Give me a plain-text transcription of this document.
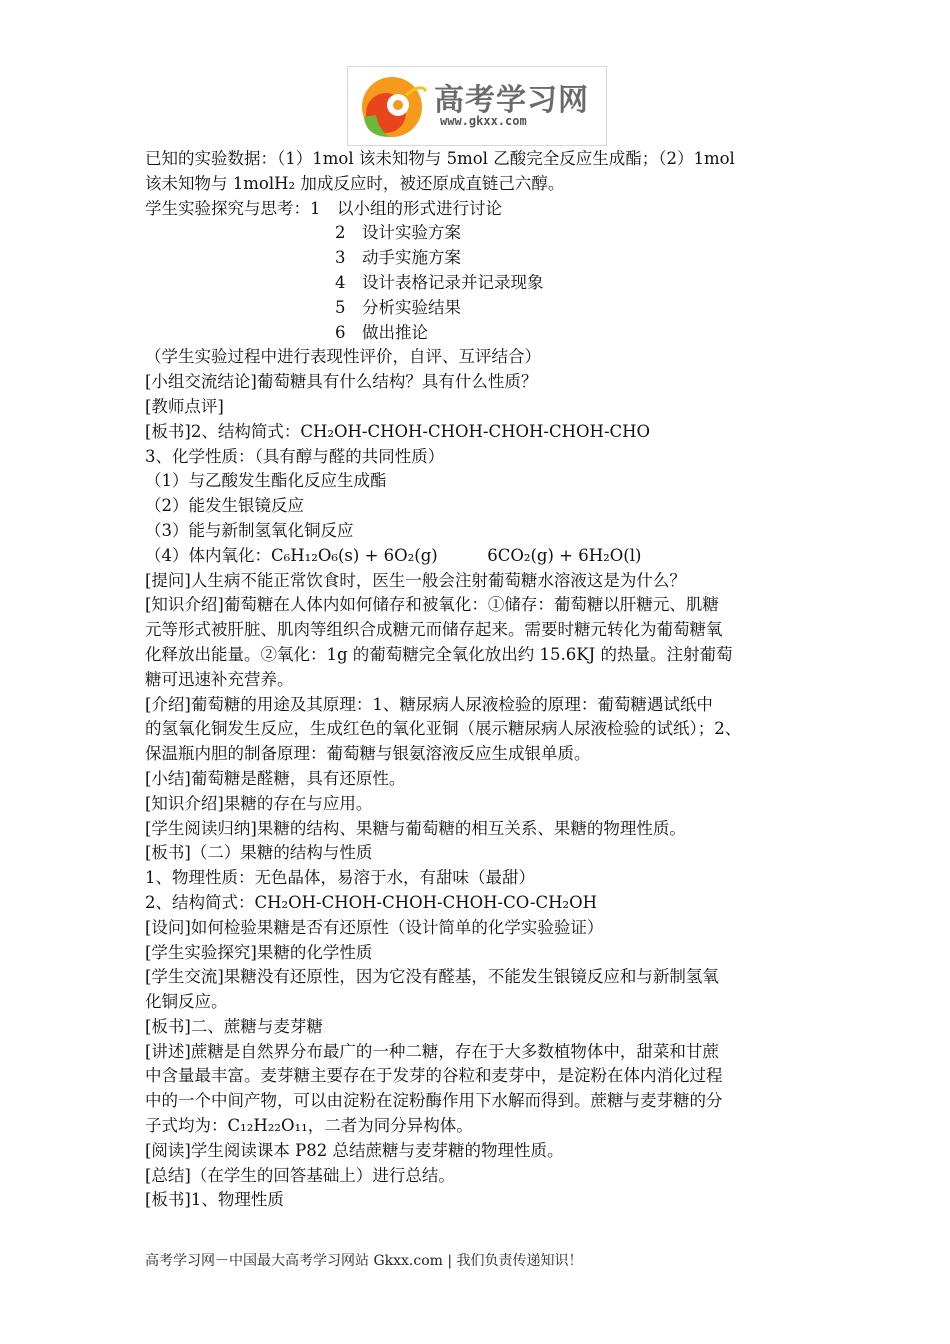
高考学习网
www.gkxx.com
已知的实验数据：（1）1mol 该未知物与 5mol 乙酸完全反应生成酯；（2）1mol
该未知物与 1molH₂ 加成反应时，被还原成直链己六醇。
学生实验探究与思考：1　以小组的形式进行讨论
2　设计实验方案
3　动手实施方案
4　设计表格记录并记录现象
5　分析实验结果
6　做出推论
（学生实验过程中进行表现性评价，自评、互评结合）
[小组交流结论]葡萄糖具有什么结构？具有什么性质？
[教师点评]
[板书]2、结构简式：CH₂OH-CHOH-CHOH-CHOH-CHOH-CHO
3、化学性质：（具有醇与醛的共同性质）
（1）与乙酸发生酯化反应生成酯
（2）能发生银镜反应
（3）能与新制氢氧化铜反应
（4）体内氧化：C₆H₁₂O₆(s) + 6O₂(g)　　　6CO₂(g) + 6H₂O(l)
[提问]人生病不能正常饮食时，医生一般会注射葡萄糖水溶液这是为什么？
[知识介绍]葡萄糖在人体内如何储存和被氧化：①储存：葡萄糖以肝糖元、肌糖
元等形式被肝脏、肌肉等组织合成糖元而储存起来。需要时糖元转化为葡萄糖氧
化释放出能量。②氧化：1g 的葡萄糖完全氧化放出约 15.6KJ 的热量。注射葡萄
糖可迅速补充营养。
[介绍]葡萄糖的用途及其原理：1、糖尿病人尿液检验的原理：葡萄糖遇试纸中
的氢氧化铜发生反应，生成红色的氧化亚铜（展示糖尿病人尿液检验的试纸）；2、
保温瓶内胆的制备原理：葡萄糖与银氨溶液反应生成银单质。
[小结]葡萄糖是醛糖，具有还原性。
[知识介绍]果糖的存在与应用。
[学生阅读归纳]果糖的结构、果糖与葡萄糖的相互关系、果糖的物理性质。
[板书]（二）果糖的结构与性质
1、物理性质：无色晶体，易溶于水，有甜味（最甜）
2、结构简式：CH₂OH-CHOH-CHOH-CHOH-CO-CH₂OH
[设问]如何检验果糖是否有还原性（设计简单的化学实验验证）
[学生实验探究]果糖的化学性质
[学生交流]果糖没有还原性，因为它没有醛基，不能发生银镜反应和与新制氢氧
化铜反应。
[板书]二、蔗糖与麦芽糖
[讲述]蔗糖是自然界分布最广的一种二糖，存在于大多数植物体中，甜菜和甘蔗
中含量最丰富。麦芽糖主要存在于发芽的谷粒和麦芽中，是淀粉在体内消化过程
中的一个中间产物，可以由淀粉在淀粉酶作用下水解而得到。蔗糖与麦芽糖的分
子式均为：C₁₂H₂₂O₁₁，二者为同分异构体。
[阅读]学生阅读课本 P82 总结蔗糖与麦芽糖的物理性质。
[总结]（在学生的回答基础上）进行总结。
[板书]1、物理性质
高考学习网－中国最大高考学习网站 Gkxx.com | 我们负责传递知识！
